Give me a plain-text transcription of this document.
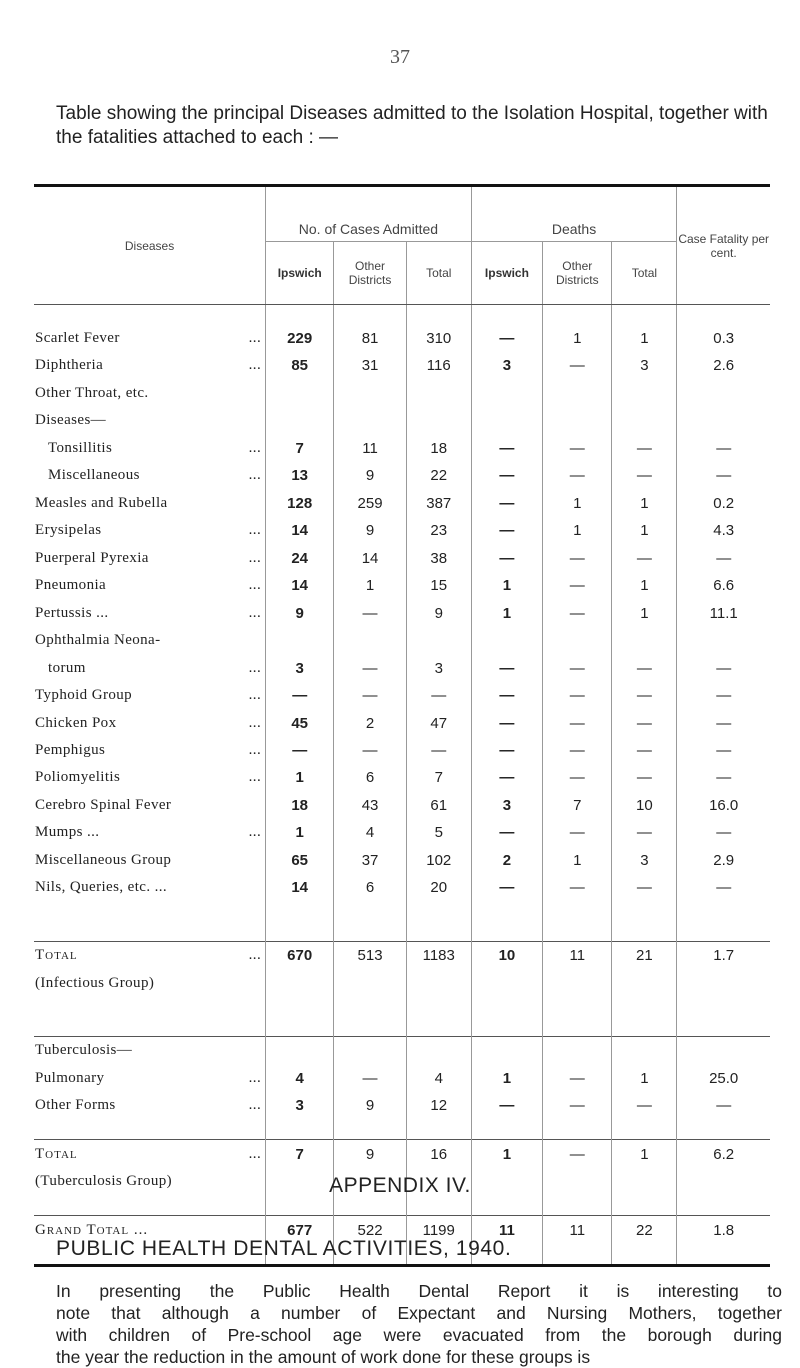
37
Table showing the principal Diseases admitted to the Isolation Hospital, together with the fatalities attached to each : —
Diseases	No. of Cases Admitted			Deaths			Case Fatality per cent.
	Ipswich	Other Districts	Total	Ipswich	Other Districts	Total	

Scarlet Fever ...	229	81	310	—	1	1	0.3
Diphtheria ...	85	31	116	3	—	3	2.6
Other Throat, etc.							
Diseases—							
Tonsillitis ...	7	11	18	—	—	—	—
Miscellaneous ...	13	9	22	—	—	—	—
Measles and Rubella	128	259	387	—	1	1	0.2
Erysipelas ...	14	9	23	—	1	1	4.3
Puerperal Pyrexia ...	24	14	38	—	—	—	—
Pneumonia ...	14	1	15	1	—	1	6.6
Pertussis ... ...	9	—	9	1	—	1	11.1
Ophthalmia Neona-							
torum ...	3	—	3	—	—	—	—
Typhoid Group ...	—	—	—	—	—	—	—
Chicken Pox ...	45	2	47	—	—	—	—
Pemphigus ...	—	—	—	—	—	—	—
Poliomyelitis ...	1	6	7	—	—	—	—
Cerebro Spinal Fever	18	43	61	3	7	10	16.0
Mumps ... ...	1	4	5	—	—	—	—
Miscellaneous Group	65	37	102	2	1	3	2.9
Nils, Queries, etc. ...	14	6	20	—	—	—	—

Total ...	670	513	1183	10	11	21	1.7
(Infectious Group)							

Tuberculosis—							
Pulmonary ...	4	—	4	1	—	1	25.0
Other Forms ...	3	9	12	—	—	—	—

Total ...	7	9	16	1	—	1	6.2
(Tuberculosis Group)							

Grand Total ...	677	522	1199	11	11	22	1.8

APPENDIX IV.
PUBLIC HEALTH DENTAL ACTIVITIES, 1940.
In presenting the Public Health Dental Report it is interesting to
note that although a number of Expectant and Nursing Mothers, together
with children of Pre-school age were evacuated from the borough during
the year the reduction in the amount of work done for these groups is
